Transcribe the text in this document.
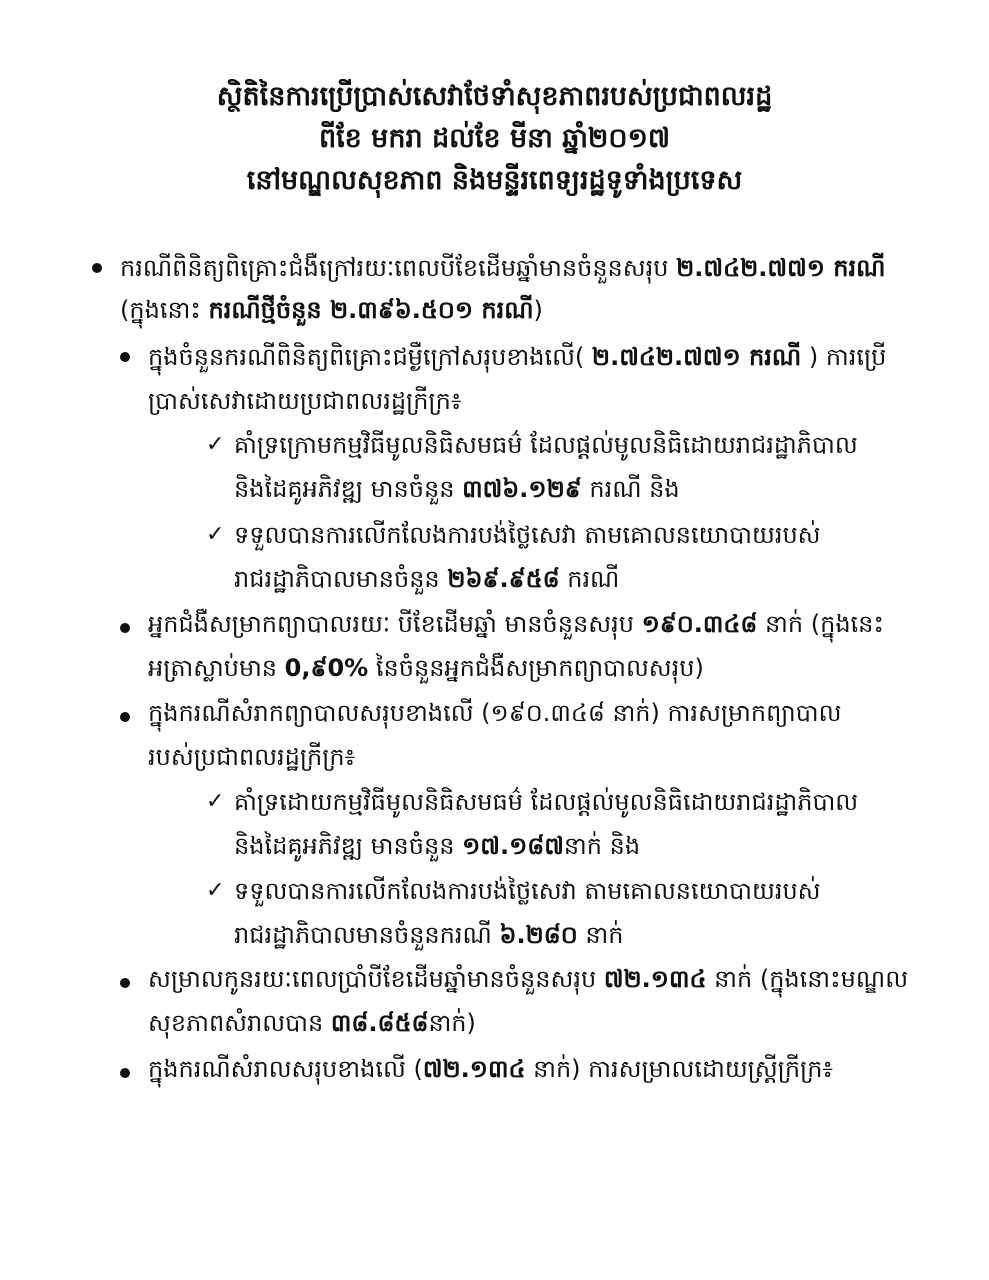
ស្ថិតិនៃការប្រើប្រាស់សេវាថែទាំសុខភាពរបស់ប្រជាពលរដ្ឋ
ពីខែ មករា ដល់ខែ មីនា ឆ្នាំ២០១៧
នៅមណ្ឌលសុខភាព និងមន្ទីរពេទ្យរដ្ឋទូទាំងប្រទេស
ករណីពិនិត្យពិគ្រោះជំងឺក្រៅរយៈពេលបីខែដើមឆ្នាំមានចំនួនសរុប ២.៧៤២.៧៧១ ករណី
(ក្នុងនោះ ករណីថ្មីចំនួន ២.៣៩៦.៥០១ ករណី)
ក្នុងចំនួនករណីពិនិត្យពិគ្រោះជម្ងឺក្រៅសរុបខាងលើ( ២.៧៤២.៧៧១ ករណី ) ការប្រើ
ប្រាស់សេវាដោយប្រជាពលរដ្ឋក្រីក្រ៖
✓ គាំទ្រក្រោមកម្មវិធីមូលនិធិសមធម៌ ដែលផ្តល់មូលនិធិដោយរាជរដ្ឋាភិបាល
និងដៃគូអភិវឌ្ឍ មានចំនួន ៣៧៦.១២៩ ករណី និង
✓ ទទួលបានការលើកលែងការបង់ថ្លៃសេវា តាមគោលនយោបាយរបស់
រាជរដ្ឋាភិបាលមានចំនួន ២៦៩.៩៥៨ ករណី
អ្នកជំងឺសម្រាកព្យាបាលរយៈ បីខែដើមឆ្នាំ មានចំនួនសរុប ១៩០.៣៤៨ នាក់ (ក្នុងនេះ
អត្រាស្លាប់មាន 0,៩0% នៃចំនួនអ្នកជំងឺសម្រាកព្យាបាលសរុប)
ក្នុងករណីសំរាកព្យាបាលសរុបខាងលើ (១៩០.៣៤៨ នាក់) ការសម្រាកព្យាបាល
របស់ប្រជាពលរដ្ឋក្រីក្រ៖
✓ គាំទ្រដោយកម្មវិធីមូលនិធិសមធម៌ ដែលផ្តល់មូលនិធិដោយរាជរដ្ឋាភិបាល
និងដៃគូអភិវឌ្ឍ មានចំនួន ១៧.១៨៧នាក់ និង
✓ ទទួលបានការលើកលែងការបង់ថ្លៃសេវា តាមគោលនយោបាយរបស់
រាជរដ្ឋាភិបាលមានចំនួនករណី ៦.២៨០ នាក់
សម្រាលកូនរយៈពេលប្រាំបីខែដើមឆ្នាំមានចំនួនសរុប ៧២.១៣៤ នាក់ (ក្នុងនោះមណ្ឌល
សុខភាពសំរាលបាន ៣៨.៨៥៨នាក់)
ក្នុងករណីសំរាលសរុបខាងលើ (៧២.១៣៤ នាក់) ការសម្រាលដោយស្ត្រីក្រីក្រ៖
